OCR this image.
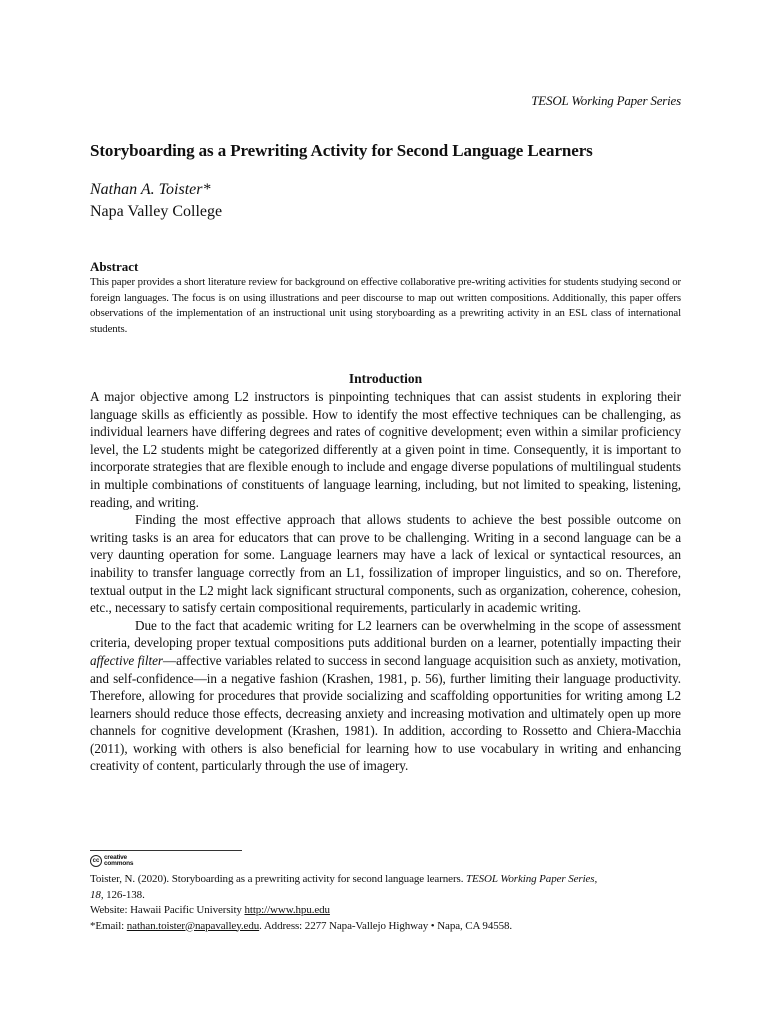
TESOL Working Paper Series
Storyboarding as a Prewriting Activity for Second Language Learners
Nathan A. Toister*
Napa Valley College
Abstract
This paper provides a short literature review for background on effective collaborative pre-writing activities for students studying second or foreign languages. The focus is on using illustrations and peer discourse to map out written compositions. Additionally, this paper offers observations of the implementation of an instructional unit using storyboarding as a prewriting activity in an ESL class of international students.
Introduction

A major objective among L2 instructors is pinpointing techniques that can assist students in exploring their language skills as efficiently as possible. How to identify the most effective techniques can be challenging, as individual learners have differing degrees and rates of cognitive development; even within a similar proficiency level, the L2 students might be categorized differently at a given point in time. Consequently, it is important to incorporate strategies that are flexible enough to include and engage diverse populations of multilingual students in multiple combinations of constituents of language learning, including, but not limited to speaking, listening, reading, and writing.

Finding the most effective approach that allows students to achieve the best possible outcome on writing tasks is an area for educators that can prove to be challenging. Writing in a second language can be a very daunting operation for some. Language learners may have a lack of lexical or syntactical resources, an inability to transfer language correctly from an L1, fossilization of improper linguistics, and so on. Therefore, textual output in the L2 might lack significant structural components, such as organization, coherence, cohesion, etc., necessary to satisfy certain compositional requirements, particularly in academic writing.

Due to the fact that academic writing for L2 learners can be overwhelming in the scope of assessment criteria, developing proper textual compositions puts additional burden on a learner, potentially impacting their affective filter—affective variables related to success in second language acquisition such as anxiety, motivation, and self-confidence—in a negative fashion (Krashen, 1981, p. 56), further limiting their language productivity. Therefore, allowing for procedures that provide socializing and scaffolding opportunities for writing among L2 learners should reduce those effects, decreasing anxiety and increasing motivation and ultimately open up more channels for cognitive development (Krashen, 1981). In addition, according to Rossetto and Chiera-Macchia (2011), working with others is also beneficial for learning how to use vocabulary in writing and enhancing creativity of content, particularly through the use of imagery.

cc creative
commons
Toister, N. (2020). Storyboarding as a prewriting activity for second language learners. TESOL Working Paper Series,
18, 126-138.
Website: Hawaii Pacific University http://www.hpu.edu
*Email: nathan.toister@napavalley.edu. Address: 2277 Napa-Vallejo Highway • Napa, CA 94558.
